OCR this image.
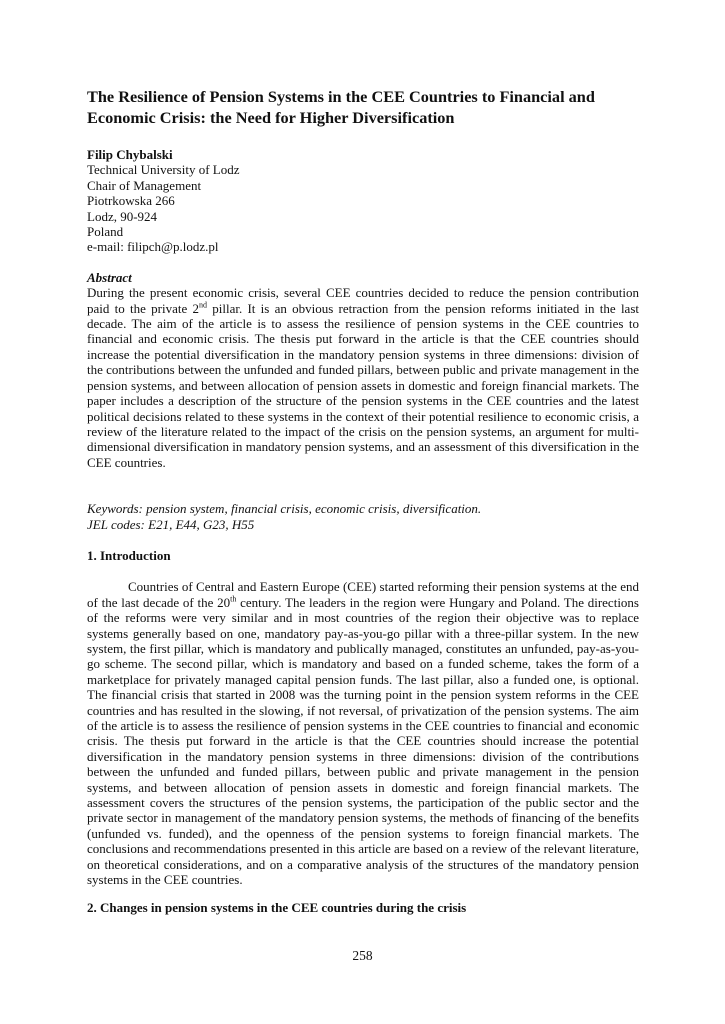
The Resilience of Pension Systems in the CEE Countries to Financial and Economic Crisis: the Need for Higher Diversification
Filip Chybalski
Technical University of Lodz
Chair of Management
Piotrkowska 266
Lodz, 90-924
Poland
e-mail: filipch@p.lodz.pl
Abstract

During the present economic crisis, several CEE countries decided to reduce the pension contribution paid to the private 2nd pillar. It is an obvious retraction from the pension reforms initiated in the last decade. The aim of the article is to assess the resilience of pension systems in the CEE countries to financial and economic crisis. The thesis put forward in the article is that the CEE countries should increase the potential diversification in the mandatory pension systems in three dimensions: division of the contributions between the unfunded and funded pillars, between public and private management in the pension systems, and between allocation of pension assets in domestic and foreign financial markets. The paper includes a description of the structure of the pension systems in the CEE countries and the latest political decisions related to these systems in the context of their potential resilience to economic crisis, a review of the literature related to the impact of the crisis on the pension systems, an argument for multi-dimensional diversification in mandatory pension systems, and an assessment of this diversification in the CEE countries.

Keywords: pension system, financial crisis, economic crisis, diversification.
JEL codes: E21, E44, G23, H55
1. Introduction

Countries of Central and Eastern Europe (CEE) started reforming their pension systems at the end of the last decade of the 20th century. The leaders in the region were Hungary and Poland. The directions of the reforms were very similar and in most countries of the region their objective was to replace systems generally based on one, mandatory pay-as-you-go pillar with a three-pillar system. In the new system, the first pillar, which is mandatory and publically managed, constitutes an unfunded, pay-as-you-go scheme. The second pillar, which is mandatory and based on a funded scheme, takes the form of a marketplace for privately managed capital pension funds. The last pillar, also a funded one, is optional. The financial crisis that started in 2008 was the turning point in the pension system reforms in the CEE countries and has resulted in the slowing, if not reversal, of privatization of the pension systems. The aim of the article is to assess the resilience of pension systems in the CEE countries to financial and economic crisis. The thesis put forward in the article is that the CEE countries should increase the potential diversification in the mandatory pension systems in three dimensions: division of the contributions between the unfunded and funded pillars, between public and private management in the pension systems, and between allocation of pension assets in domestic and foreign financial markets. The assessment covers the structures of the pension systems, the participation of the public sector and the private sector in management of the mandatory pension systems, the methods of financing of the benefits (unfunded vs. funded), and the openness of the pension systems to foreign financial markets. The conclusions and recommendations presented in this article are based on a review of the relevant literature, on theoretical considerations, and on a comparative analysis of the structures of the mandatory pension systems in the CEE countries.

2. Changes in pension systems in the CEE countries during the crisis
258
